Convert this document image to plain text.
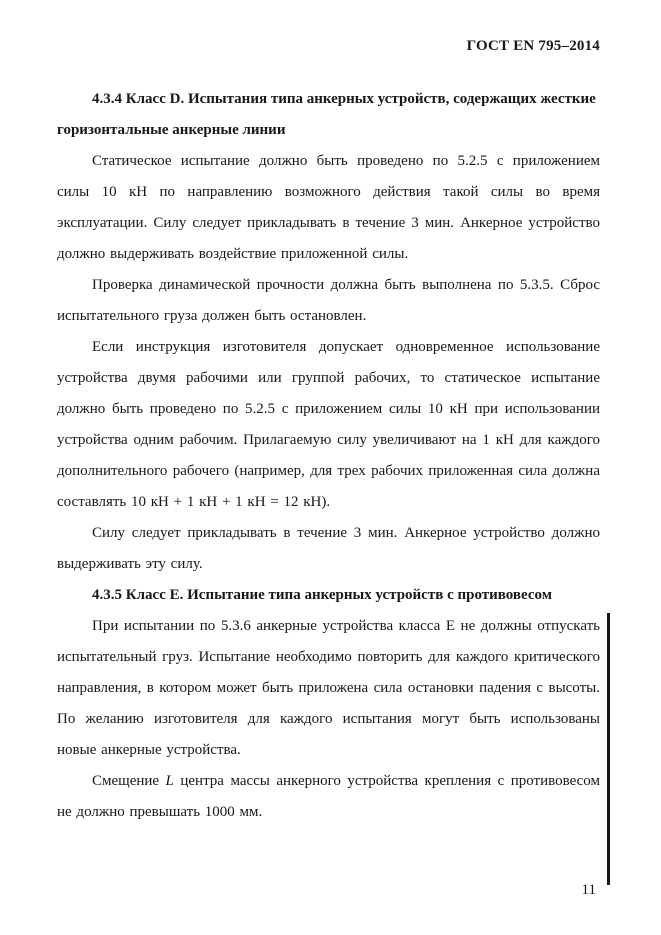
ГОСТ EN 795–2014

4.3.4 Класс D. Испытания типа анкерных устройств, содержащих жесткие горизонтальные анкерные линии

Статическое испытание должно быть проведено по 5.2.5 с приложением силы 10 кН по направлению возможного действия такой силы во время эксплуатации. Силу следует прикладывать в течение 3 мин. Анкерное устройство должно выдерживать воздействие приложенной силы.

Проверка динамической прочности должна быть выполнена по 5.3.5. Сброс испытательного груза должен быть остановлен.

Если инструкция изготовителя допускает одновременное использование устройства двумя рабочими или группой рабочих, то статическое испытание должно быть проведено по 5.2.5 с приложением силы 10 кН при использовании устройства одним рабочим. Прилагаемую силу увеличивают на 1 кН для каждого дополнительного рабочего (например, для трех рабочих приложенная сила должна составлять 10 кН + 1 кН + 1 кН = 12 кН).

Силу следует прикладывать в течение 3 мин. Анкерное устройство должно выдерживать эту силу.

4.3.5 Класс E. Испытание типа анкерных устройств с противовесом

При испытании по 5.3.6 анкерные устройства класса E не должны отпускать испытательный груз. Испытание необходимо повторить для каждого критического направления, в котором может быть приложена сила остановки падения с высоты. По желанию изготовителя для каждого испытания могут быть использованы новые анкерные устройства.

Смещение L центра массы анкерного устройства крепления с противовесом не должно превышать 1000 мм.

11
